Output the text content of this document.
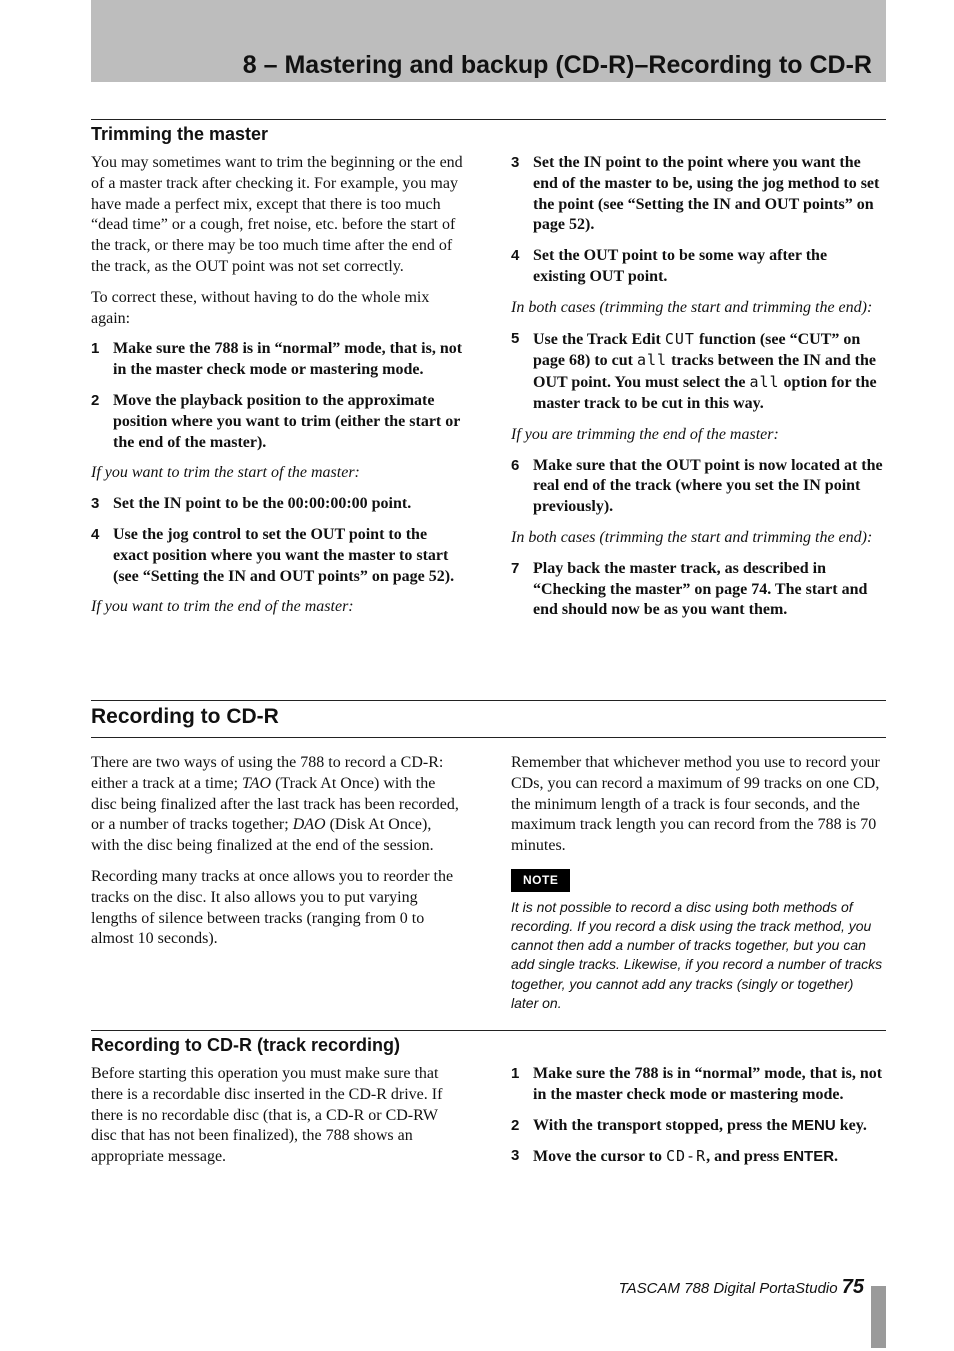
8 – Mastering and backup (CD-R)–Recording to CD-R
Trimming the master

You may sometimes want to trim the beginning or the end of a master track after checking it. For example, you may have made a perfect mix, except that there is too much “dead time” or a cough, fret noise, etc. before the start of the track, or there may be too much time after the end of the track, as the OUT point was not set correctly.

To correct these, without having to do the whole mix again:

1 Make sure the 788 is in “normal” mode, that is, not in the master check mode or mastering mode.
2 Move the playback position to the approximate position where you want to trim (either the start or the end of the master).

If you want to trim the start of the master:

3 Set the IN point to be the 00:00:00:00 point.
4 Use the jog control to set the OUT point to the exact position where you want the master to start (see “Setting the IN and OUT points” on page 52).

If you want to trim the end of the master:

3 Set the IN point to the point where you want the end of the master to be, using the jog method to set the point (see “Setting the IN and OUT points” on page 52).
4 Set the OUT point to be some way after the existing OUT point.

In both cases (trimming the start and trimming the end):

5 Use the Track Edit CUT function (see “CUT” on page 68) to cut all tracks between the IN and the OUT point. You must select the all option for the master track to be cut in this way.

If you are trimming the end of the master:

6 Make sure that the OUT point is now located at the real end of the track (where you set the IN point previously).

In both cases (trimming the start and trimming the end):

7 Play back the master track, as described in “Checking the master” on page 74. The start and end should now be as you want them.
Recording to CD-R

There are two ways of using the 788 to record a CD-R: either a track at a time; TAO (Track At Once) with the disc being finalized after the last track has been recorded, or a number of tracks together; DAO (Disk At Once), with the disc being finalized at the end of the session.

Recording many tracks at once allows you to reorder the tracks on the disc. It also allows you to put varying lengths of silence between tracks (ranging from 0 to almost 10 seconds).

Remember that whichever method you use to record your CDs, you can record a maximum of 99 tracks on one CD, the minimum length of a track is four seconds, and the maximum track length you can record from the 788 is 70 minutes.

NOTE

It is not possible to record a disc using both methods of recording. If you record a disk using the track method, you cannot then add a number of tracks together, but you can add single tracks. Likewise, if you record a number of tracks together, you cannot add any tracks (singly or together) later on.

Recording to CD-R (track recording)

Before starting this operation you must make sure that there is a recordable disc inserted in the CD-R drive. If there is no recordable disc (that is, a CD-R or CD-RW disc that has not been finalized), the 788 shows an appropriate message.

1 Make sure the 788 is in “normal” mode, that is, not in the master check mode or mastering mode.
2 With the transport stopped, press the MENU key.
3 Move the cursor to CD-R, and press ENTER.
TASCAM 788 Digital PortaStudio 75
